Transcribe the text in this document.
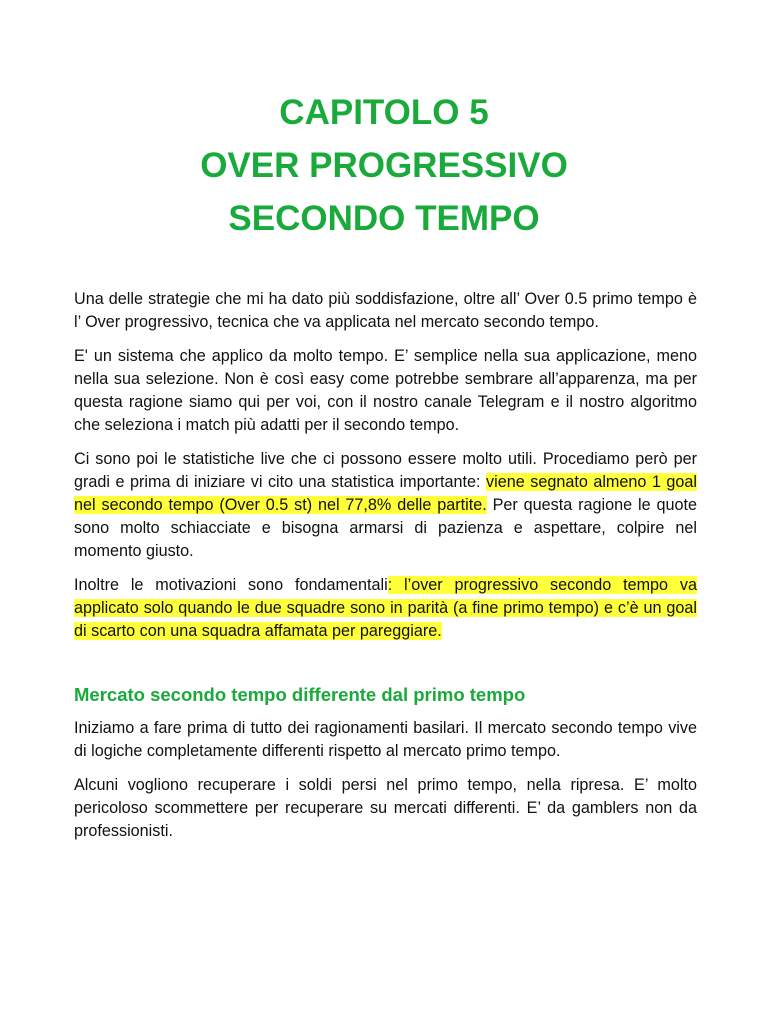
CAPITOLO 5
OVER PROGRESSIVO
SECONDO TEMPO

Una delle strategie che mi ha dato più soddisfazione, oltre all’ Over 0.5 primo tempo è l’ Over progressivo, tecnica che va applicata nel mercato secondo tempo.

E' un sistema che applico da molto tempo. E’ semplice nella sua applicazione, meno nella sua selezione. Non è così easy come potrebbe sembrare all’apparenza, ma per questa ragione siamo qui per voi, con il nostro canale Telegram e il nostro algoritmo che seleziona i match più adatti per il secondo tempo.

Ci sono poi le statistiche live che ci possono essere molto utili. Procediamo però per gradi e prima di iniziare vi cito una statistica importante: viene segnato almeno 1 goal nel secondo tempo (Over 0.5 st) nel 77,8% delle partite. Per questa ragione le quote sono molto schiacciate e bisogna armarsi di pazienza e aspettare, colpire nel momento giusto.

Inoltre le motivazioni sono fondamentali: l’over progressivo secondo tempo va applicato solo quando le due squadre sono in parità (a fine primo tempo) e c’è un goal di scarto con una squadra affamata per pareggiare.

Mercato secondo tempo differente dal primo tempo

Iniziamo a fare prima di tutto dei ragionamenti basilari. Il mercato secondo tempo vive di logiche completamente differenti rispetto al mercato primo tempo.

Alcuni vogliono recuperare i soldi persi nel primo tempo, nella ripresa. E’ molto pericoloso scommettere per recuperare su mercati differenti. E’ da gamblers non da professionisti.
